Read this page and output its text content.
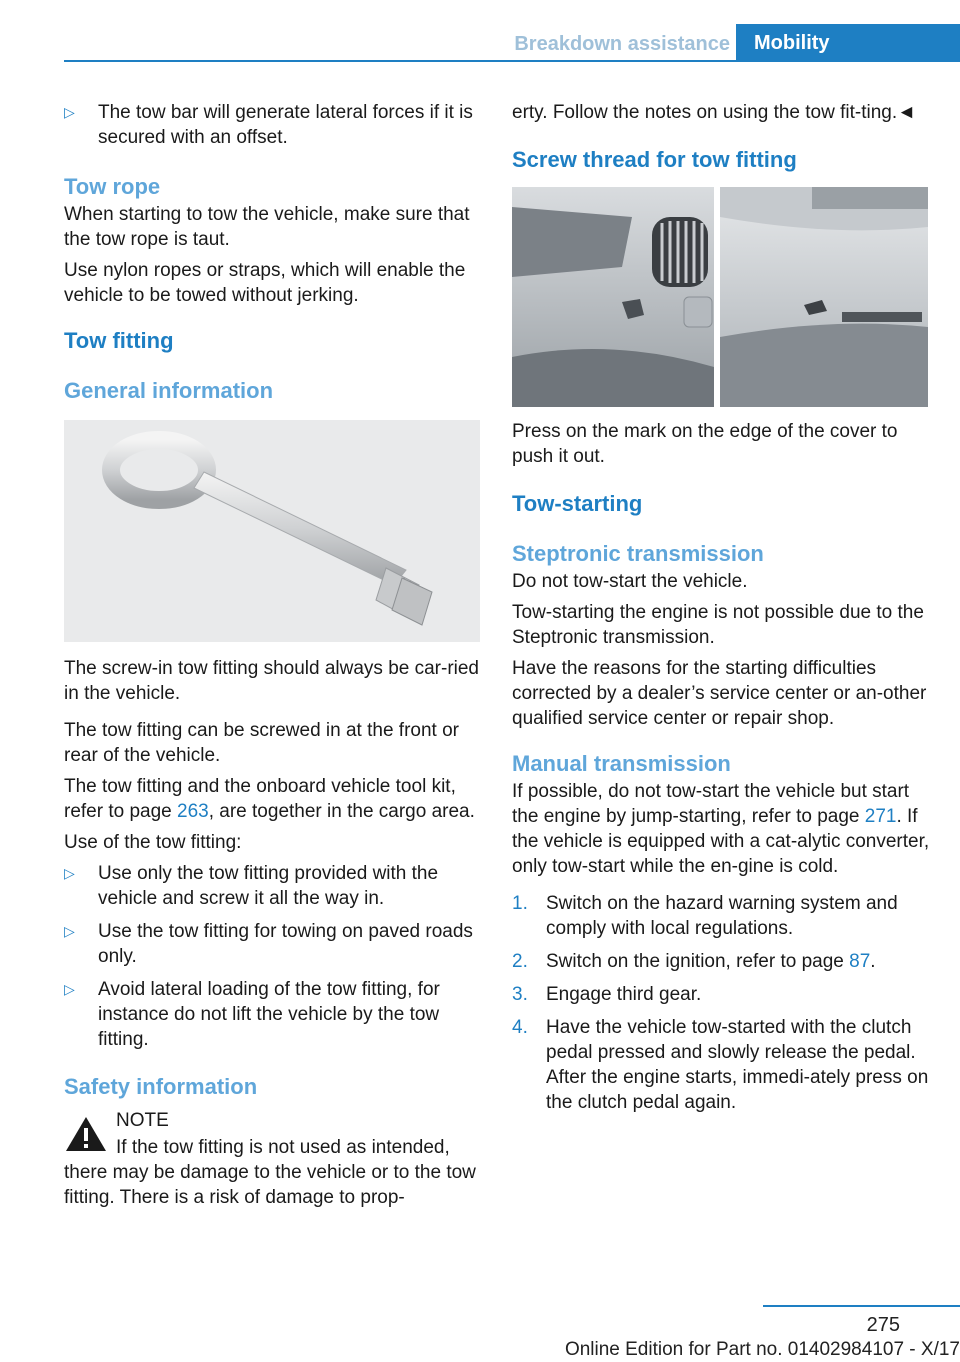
Breakdown assistance	Mobility
▷ The tow bar will generate lateral forces if it is secured with an offset.
Tow rope

When starting to tow the vehicle, make sure that the tow rope is taut.

Use nylon ropes or straps, which will enable the vehicle to be towed without jerking.

Tow fitting
General information

The screw-in tow fitting should always be car-ried in the vehicle.

The tow fitting can be screwed in at the front or rear of the vehicle.

The tow fitting and the onboard vehicle tool kit, refer to page 263, are together in the cargo area.

Use of the tow fitting:

▷ Use only the tow fitting provided with the vehicle and screw it all the way in.
▷ Use the tow fitting for towing on paved roads only.
▷ Avoid lateral loading of the tow fitting, for instance do not lift the vehicle by the tow fitting.
Safety information

NOTE

If the tow fitting is not used as intended, there may be damage to the vehicle or to the tow fitting. There is a risk of damage to prop-

erty. Follow the notes on using the tow fit-ting.◄

Screw thread for tow fitting

Press on the mark on the edge of the cover to push it out.

Tow-starting
Steptronic transmission

Do not tow-start the vehicle.

Tow-starting the engine is not possible due to the Steptronic transmission.

Have the reasons for the starting difficulties corrected by a dealer’s service center or an-other qualified service center or repair shop.

Manual transmission

If possible, do not tow-start the vehicle but start the engine by jump-starting, refer to page 271. If the vehicle is equipped with a cat-alytic converter, only tow-start while the en-gine is cold.

1. Switch on the hazard warning system and comply with local regulations.
2. Switch on the ignition, refer to page 87.
3. Engage third gear.
4. Have the vehicle tow-started with the clutch pedal pressed and slowly release the pedal. After the engine starts, immedi-ately press on the clutch pedal again.
275
Online Edition for Part no. 01402984107 - X/17
